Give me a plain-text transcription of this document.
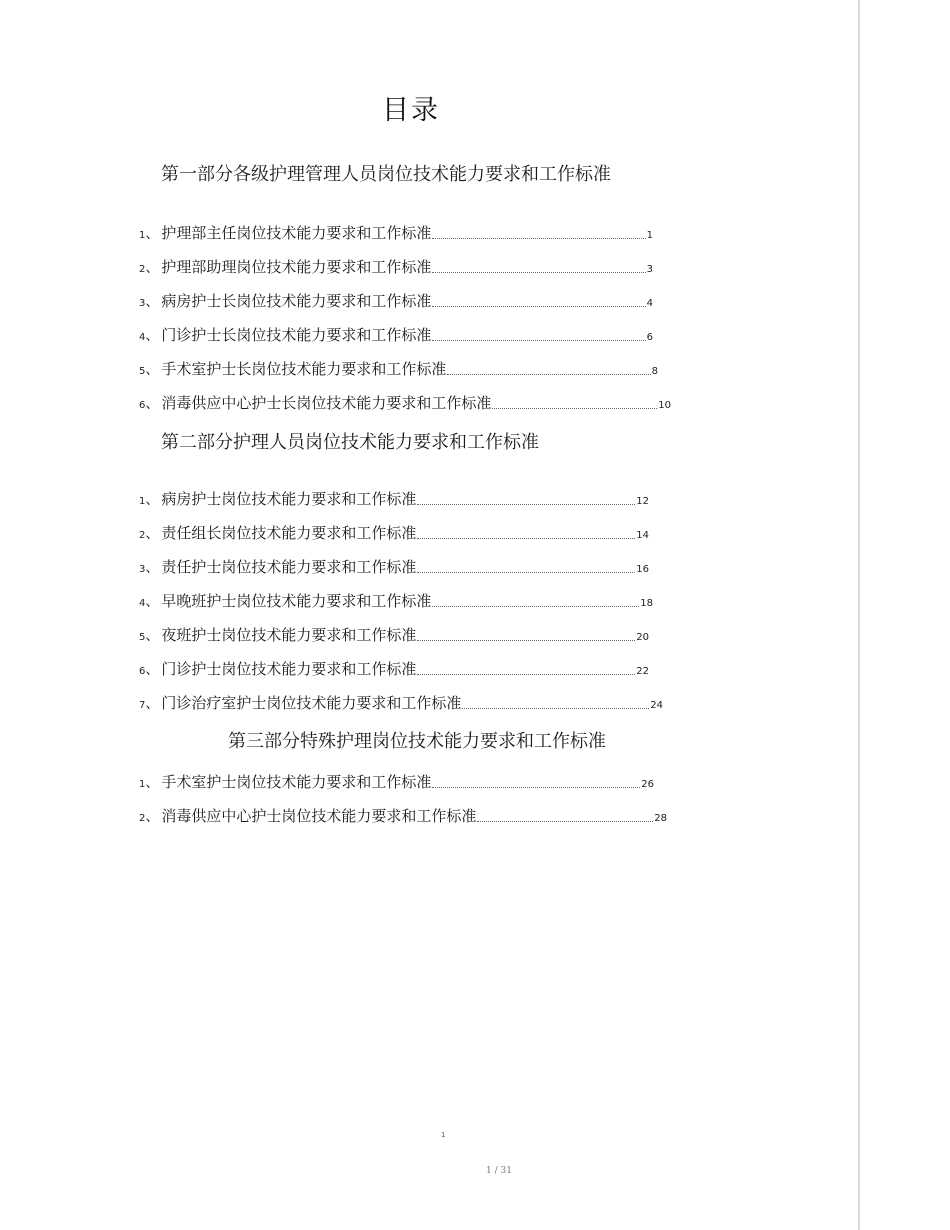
目录
第一部分各级护理管理人员岗位技术能力要求和工作标准
1 、 护理部主任岗位技术能力要求和工作标准	1
2 、 护理部助理岗位技术能力要求和工作标准	3
3 、 病房护士长岗位技术能力要求和工作标准	4
4 、 门诊护士长岗位技术能力要求和工作标准	6
5 、 手术室护士长岗位技术能力要求和工作标准	8
6 、 消毒供应中心护士长岗位技术能力要求和工作标准	10
第二部分护理人员岗位技术能力要求和工作标准
1 、 病房护士岗位技术能力要求和工作标准	12
2 、 责任组长岗位技术能力要求和工作标准	14
3 、 责任护士岗位技术能力要求和工作标准	16
4 、 早晚班护士岗位技术能力要求和工作标准	18
5 、 夜班护士岗位技术能力要求和工作标准	20
6 、 门诊护士岗位技术能力要求和工作标准	22
7 、 门诊治疗室护士岗位技术能力要求和工作标准	24
第三部分特殊护理岗位技术能力要求和工作标准
1 、 手术室护士岗位技术能力要求和工作标准	26
2 、 消毒供应中心护士岗位技术能力要求和工作标准	28
1
1 / 31
